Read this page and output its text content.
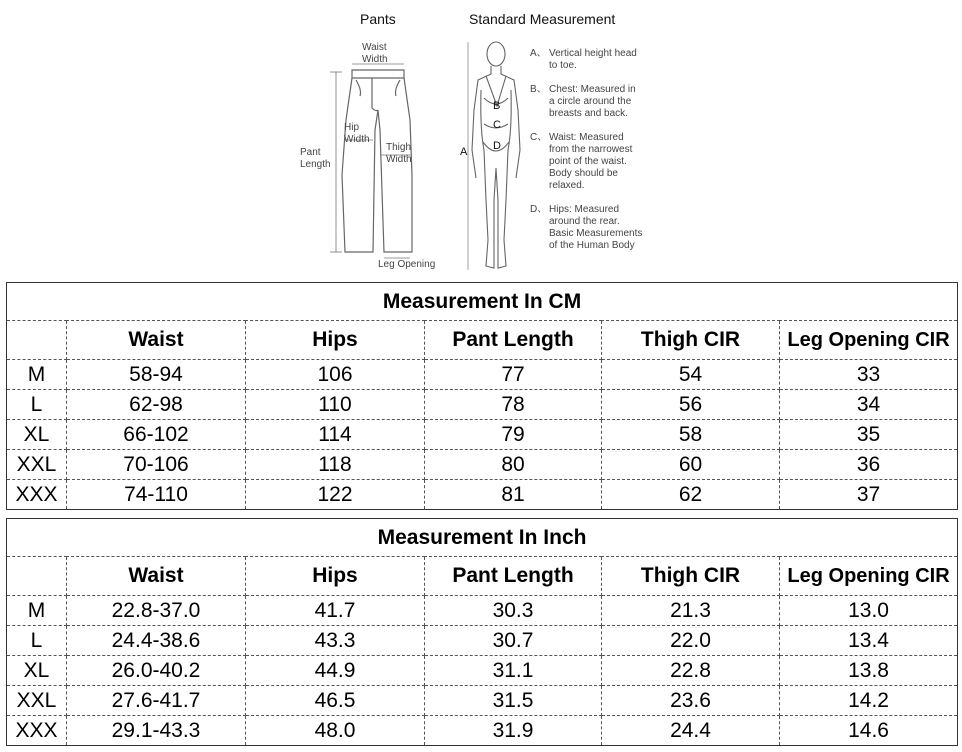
Pants	Standard Measurement
Waist
Width
Hip
Width
Thigh
Width
Pant
Length
Leg Opening
A
B
C
D
A、 Vertical height head
to toe.
B、 Chest: Measured in
a circle around the
breasts and back.
C、 Waist: Measured
from the narrowest
point of the waist.
Body should be
relaxed.
D、 Hips: Measured
around the rear.
Basic Measurements
of the Human Body
Measurement In CM					
	Waist	Hips	Pant Length	Thigh CIR	Leg Opening CIR
M	58-94	106	77	54	33
L	62-98	110	78	56	34
XL	66-102	114	79	58	35
XXL	70-106	118	80	60	36
XXX	74-110	122	81	62	37
Measurement In Inch					
	Waist	Hips	Pant Length	Thigh CIR	Leg Opening CIR
M	22.8-37.0	41.7	30.3	21.3	13.0
L	24.4-38.6	43.3	30.7	22.0	13.4
XL	26.0-40.2	44.9	31.1	22.8	13.8
XXL	27.6-41.7	46.5	31.5	23.6	14.2
XXX	29.1-43.3	48.0	31.9	24.4	14.6
